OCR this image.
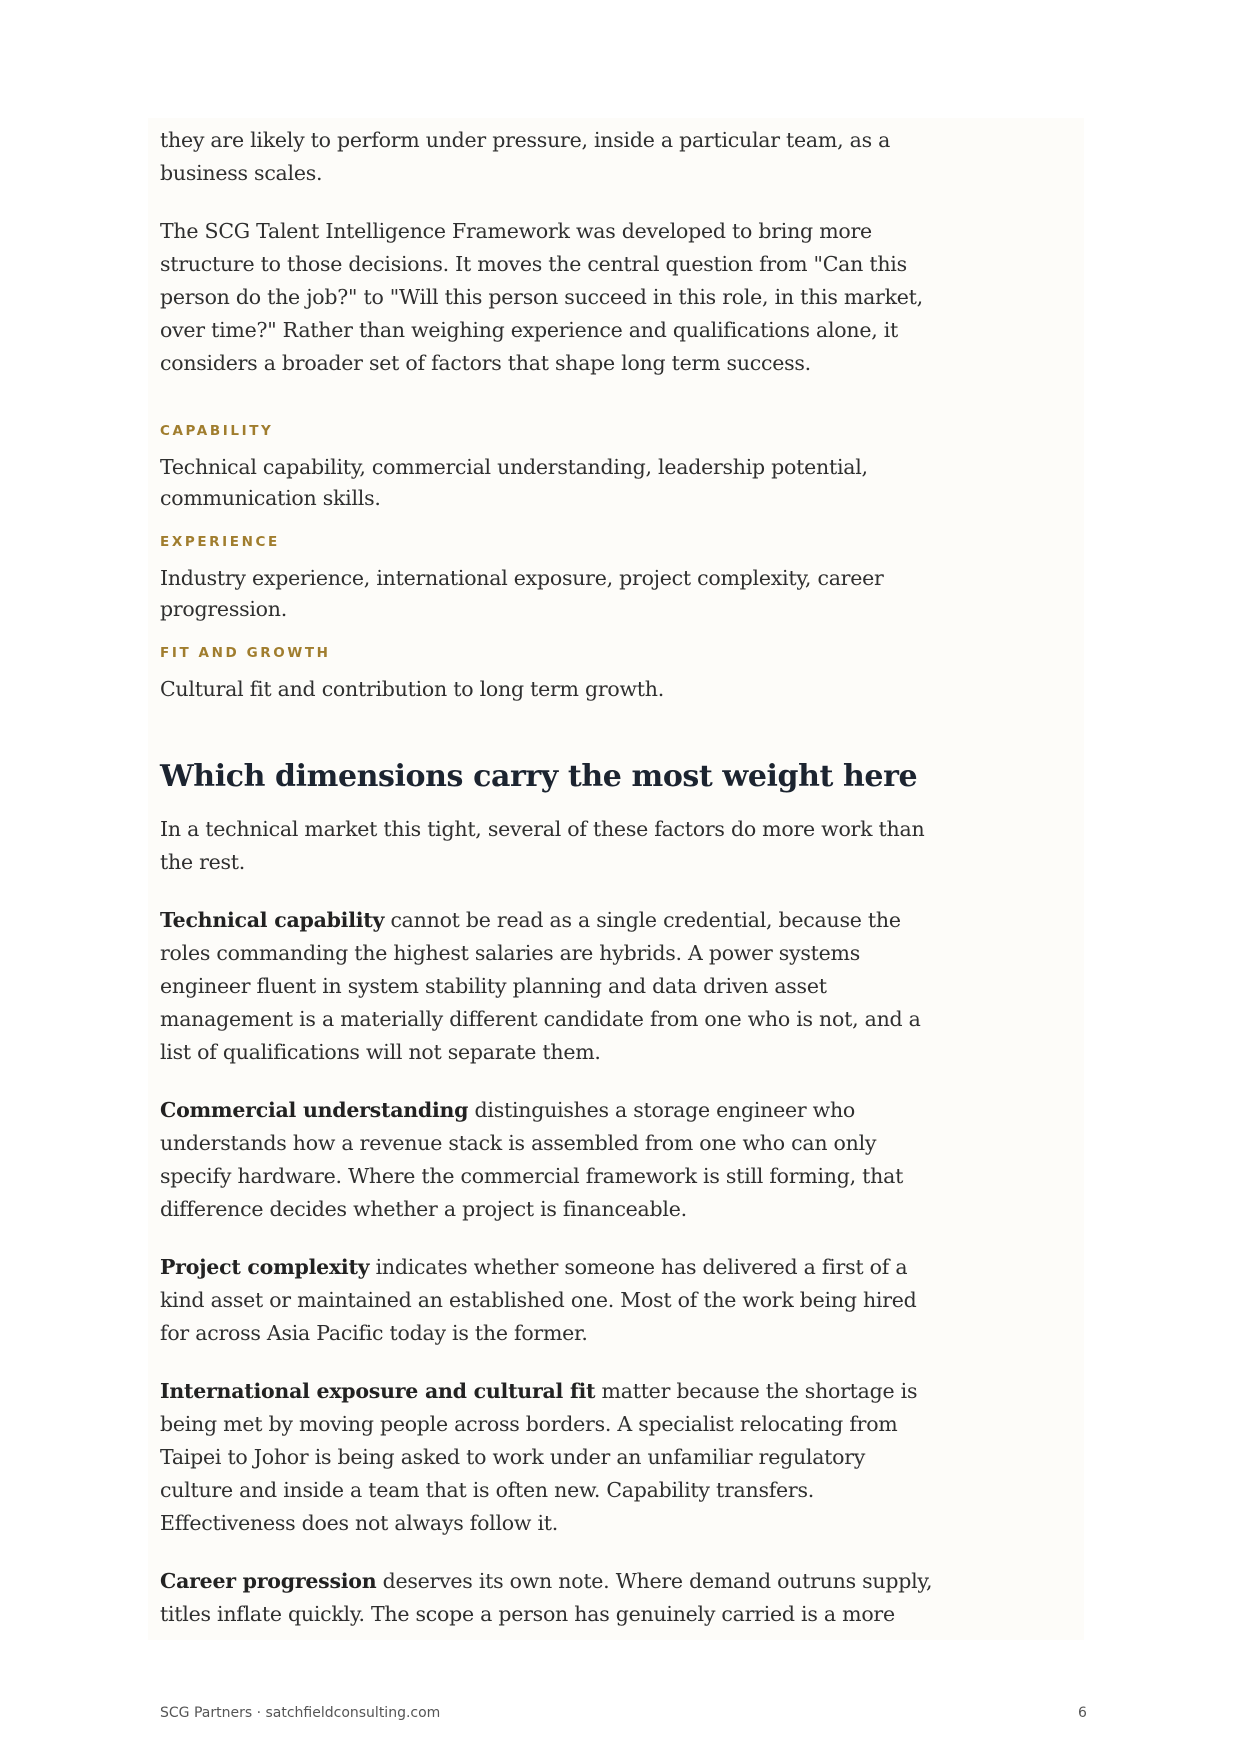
they are likely to perform under pressure, inside a particular team, as a business scales.

The SCG Talent Intelligence Framework was developed to bring more structure to those decisions. It moves the central question from "Can this person do the job?" to "Will this person succeed in this role, in this market, over time?" Rather than weighing experience and qualifications alone, it considers a broader set of factors that shape long term success.

CAPABILITY

Technical capability, commercial understanding, leadership potential, communication skills.

EXPERIENCE

Industry experience, international exposure, project complexity, career progression.

FIT AND GROWTH

Cultural fit and contribution to long term growth.

Which dimensions carry the most weight here

In a technical market this tight, several of these factors do more work than the rest.

Technical capability cannot be read as a single credential, because the roles commanding the highest salaries are hybrids. A power systems engineer fluent in system stability planning and data driven asset management is a materially different candidate from one who is not, and a list of qualifications will not separate them.

Commercial understanding distinguishes a storage engineer who understands how a revenue stack is assembled from one who can only specify hardware. Where the commercial framework is still forming, that difference decides whether a project is financeable.

Project complexity indicates whether someone has delivered a first of a kind asset or maintained an established one. Most of the work being hired for across Asia Pacific today is the former.

International exposure and cultural fit matter because the shortage is being met by moving people across borders. A specialist relocating from Taipei to Johor is being asked to work under an unfamiliar regulatory culture and inside a team that is often new. Capability transfers. Effectiveness does not always follow it.

Career progression deserves its own note. Where demand outruns supply, titles inflate quickly. The scope a person has genuinely carried is a more

SCG Partners · satchfieldconsulting.com	6
